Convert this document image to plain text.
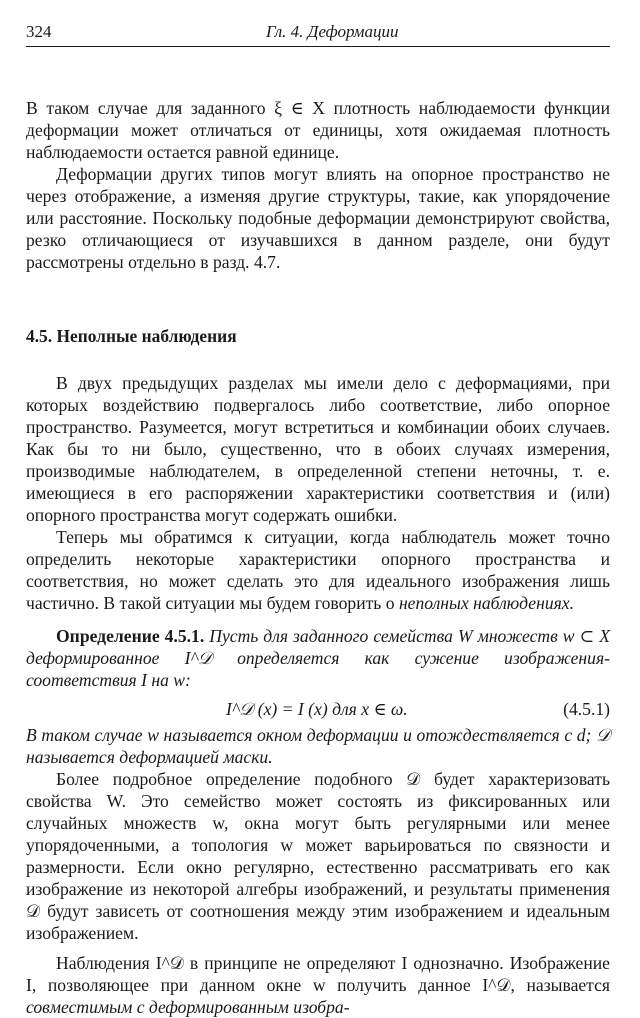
324	Гл. 4. Деформации

В таком случае для заданного ξ ∈ X плотность наблюдаемости функции деформации может отличаться от единицы, хотя ожидаемая плотность наблюдаемости остается равной единице.

Деформации других типов могут влиять на опорное пространство не через отображение, а изменяя другие структуры, такие, как упорядочение или расстояние. Поскольку подобные деформации демонстрируют свойства, резко отличающиеся от изучавшихся в данном разделе, они будут рассмотрены отдельно в разд. 4.7.

4.5. Неполные наблюдения

В двух предыдущих разделах мы имели дело с деформациями, при которых воздействию подвергалось либо соответствие, либо опорное пространство. Разумеется, могут встретиться и комбинации обоих случаев. Как бы то ни было, существенно, что в обоих случаях измерения, производимые наблюдателем, в определенной степени неточны, т. е. имеющиеся в его распоряжении характеристики соответствия и (или) опорного пространства могут содержать ошибки.

Теперь мы обратимся к ситуации, когда наблюдатель может точно определить некоторые характеристики опорного пространства и соответствия, но может сделать это для идеального изображения лишь частично. В такой ситуации мы будем говорить о неполных наблюдениях.

Определение 4.5.1. Пусть для заданного семейства W множеств w ⊂ X деформированное I^𝒟 определяется как сужение изображения-соответствия I на w:

I^𝒟 (x) = I (x) для x ∈ ω.	(4.5.1)

В таком случае w называется окном деформации и отождествляется с d; 𝒟 называется деформацией маски.

Более подробное определение подобного 𝒟 будет характеризовать свойства W. Это семейство может состоять из фиксированных или случайных множеств w, окна могут быть регулярными или менее упорядоченными, а топология w может варьироваться по связности и размерности. Если окно регулярно, естественно рассматривать его как изображение из некоторой алгебры изображений, и результаты применения 𝒟 будут зависеть от соотношения между этим изображением и идеальным изображением.

Наблюдения I^𝒟 в принципе не определяют I однозначно. Изображение I, позволяющее при данном окне w получить данное I^𝒟, называется совместимым с деформированным изобра-
